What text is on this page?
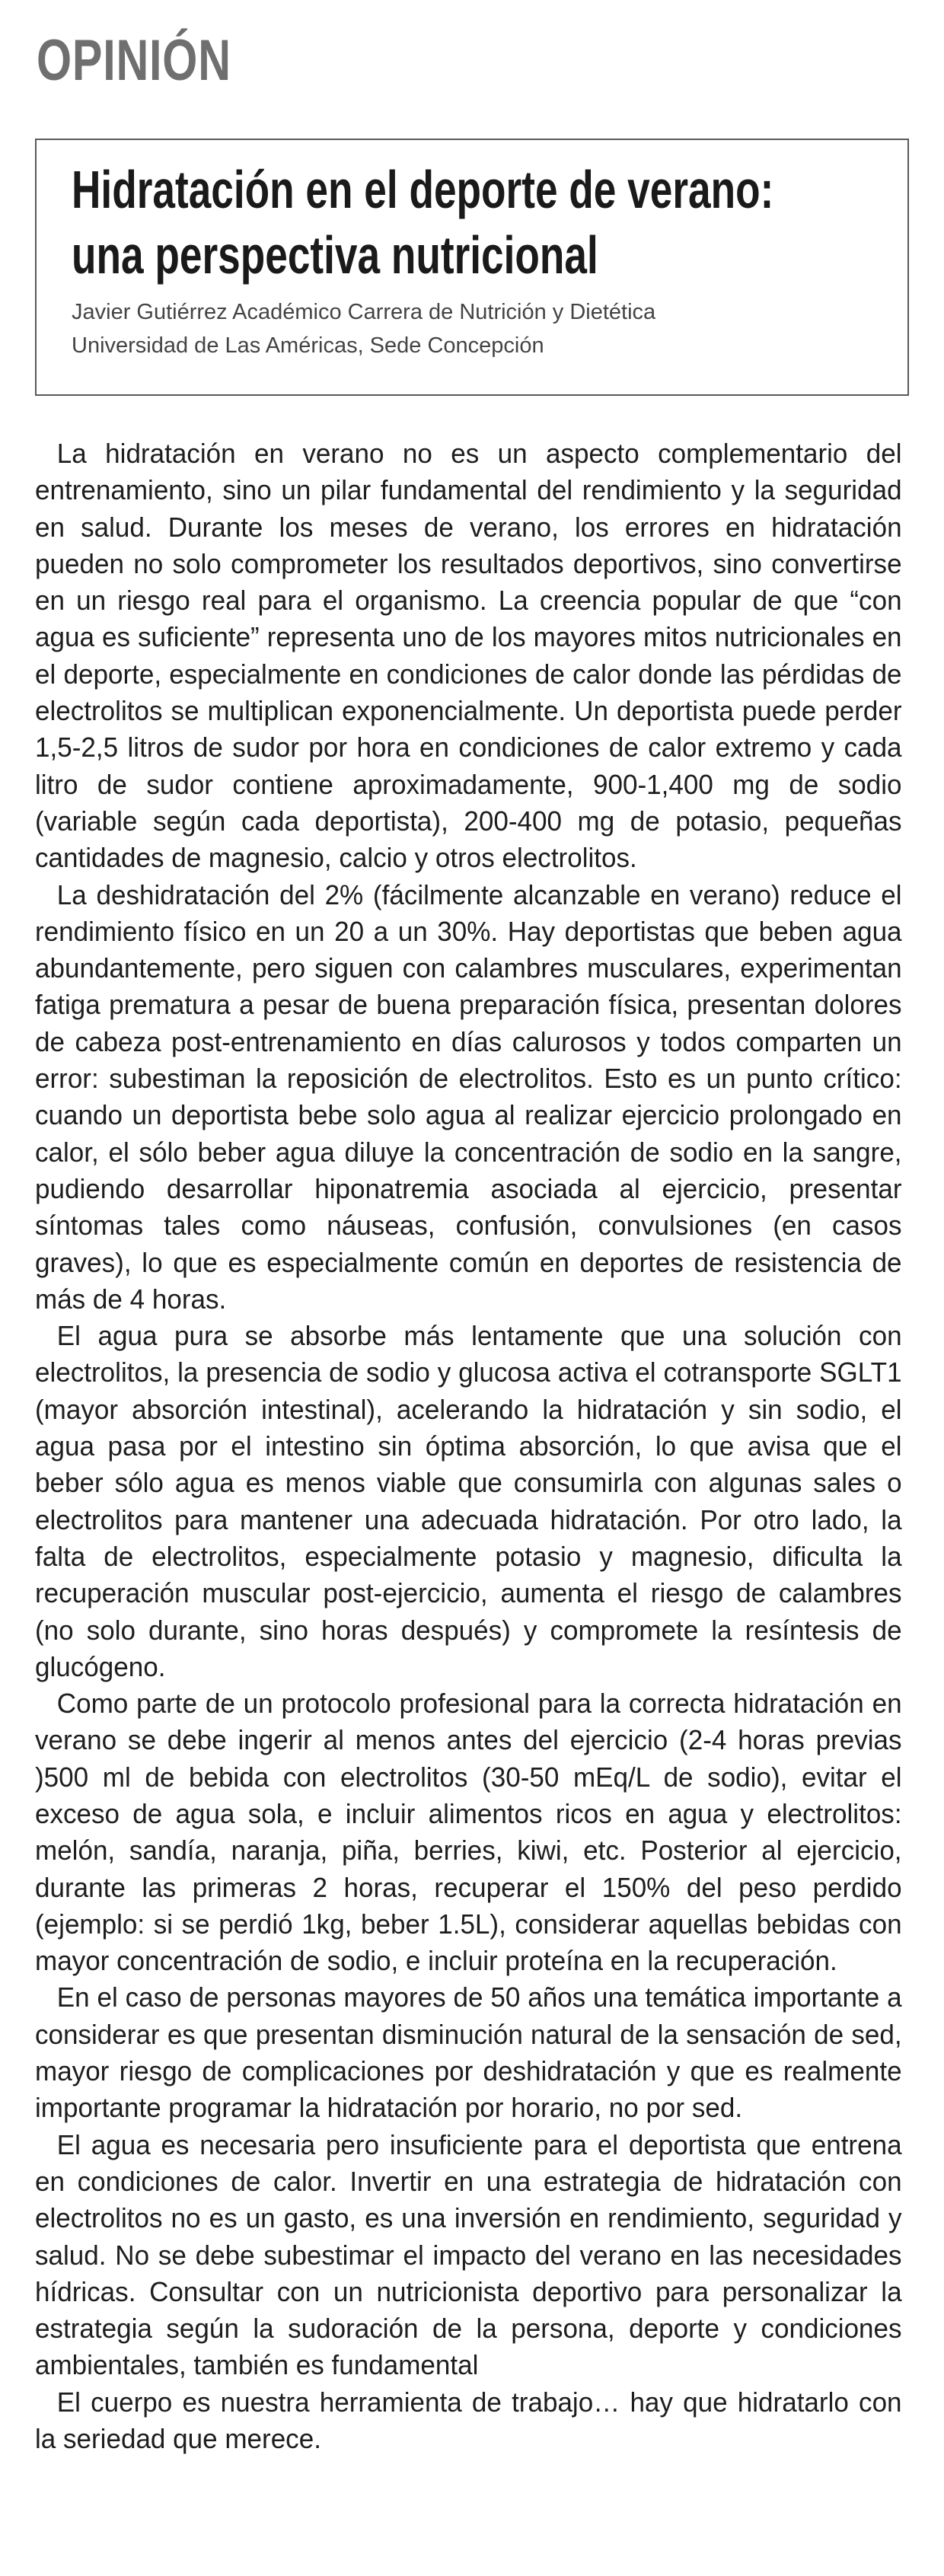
OPINIÓN
Hidratación en el deporte de verano:
una perspectiva nutricional
Javier Gutiérrez Académico Carrera de Nutrición y Dietética
Universidad de Las Américas, Sede Concepción

La hidratación en verano no es un aspecto complementario del entrenamiento, sino un pilar fundamental del rendimiento y la seguridad en salud. Durante los meses de verano, los errores en hidratación pueden no solo comprometer los resultados deportivos, sino convertirse en un riesgo real para el organismo. La creencia popular de que “con agua es suficiente” representa uno de los mayores mitos nutricionales en el deporte, especialmente en condiciones de calor donde las pérdidas de electrolitos se multiplican exponencialmente. Un deportista puede perder 1,5-2,5 litros de sudor por hora en condiciones de calor extremo y cada litro de sudor contiene aproximadamente, 900-1,400 mg de sodio (variable según cada deportista), 200-400 mg de potasio, pequeñas cantidades de magnesio, calcio y otros electrolitos.

La deshidratación del 2% (fácilmente alcanzable en verano) reduce el rendimiento físico en un 20 a un 30%. Hay deportistas que beben agua abundantemente, pero siguen con calambres musculares, experimentan fatiga prematura a pesar de buena preparación física, presentan dolores de cabeza post-entrenamiento en días calurosos y todos comparten un error: subestiman la reposición de electrolitos. Esto es un punto crítico: cuando un deportista bebe solo agua al realizar ejercicio prolongado en calor, el sólo beber agua diluye la concentración de sodio en la sangre, pudiendo desarrollar hiponatremia asociada al ejercicio, presentar síntomas tales como náuseas, confusión, convulsiones (en casos graves), lo que es especialmente común en deportes de resistencia de más de 4 horas.

El agua pura se absorbe más lentamente que una solución con electrolitos, la presencia de sodio y glucosa activa el cotransporte SGLT1 (mayor absorción intestinal), acelerando la hidratación y sin sodio, el agua pasa por el intestino sin óptima absorción, lo que avisa que el beber sólo agua es menos viable que consumirla con algunas sales o electrolitos para mantener una adecuada hidratación. Por otro lado, la falta de electrolitos, especialmente potasio y magnesio, dificulta la recuperación muscular post-ejercicio, aumenta el riesgo de calambres (no solo durante, sino horas después) y compromete la resíntesis de glucógeno.

Como parte de un protocolo profesional para la correcta hidratación en verano se debe ingerir al menos antes del ejercicio (2-4 horas previas )500 ml de bebida con electrolitos (30-50 mEq/L de sodio), evitar el exceso de agua sola, e incluir alimentos ricos en agua y electrolitos: melón, sandía, naranja, piña, berries, kiwi, etc. Posterior al ejercicio, durante las primeras 2 horas, recuperar el 150% del peso perdido (ejemplo: si se perdió 1kg, beber 1.5L), considerar aquellas bebidas con mayor concentración de sodio, e incluir proteína en la recuperación.

En el caso de personas mayores de 50 años una temática importante a considerar es que presentan disminución natural de la sensación de sed, mayor riesgo de complicaciones por deshidratación y que es realmente importante programar la hidratación por horario, no por sed.

El agua es necesaria pero insuficiente para el deportista que entrena en condiciones de calor. Invertir en una estrategia de hidratación con electrolitos no es un gasto, es una inversión en rendimiento, seguridad y salud. No se debe subestimar el impacto del verano en las necesidades hídricas. Consultar con un nutricionista deportivo para personalizar la estrategia según la sudoración de la persona, deporte y condiciones ambientales, también es fundamental

El cuerpo es nuestra herramienta de trabajo… hay que hidratarlo con la seriedad que merece.
